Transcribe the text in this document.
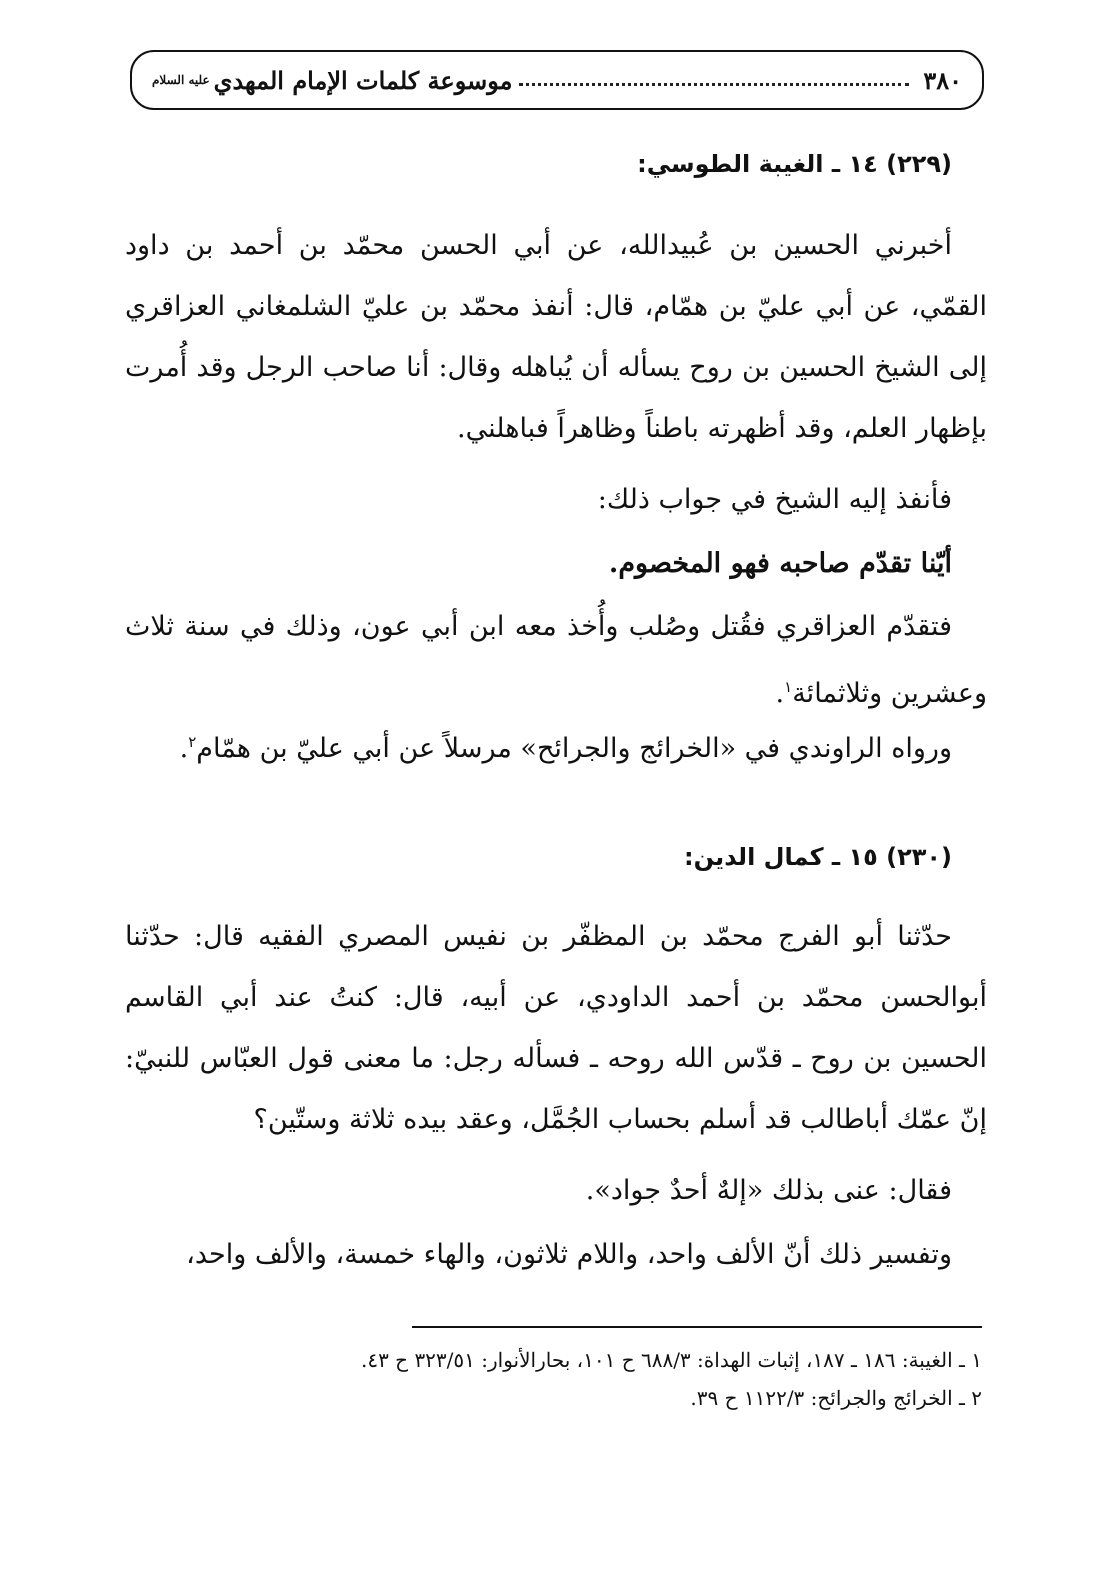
٣٨٠
موسوعة كلمات الإمام المهدي
عليه السلام
(٢٢٩) ١٤ ـ الغيبة الطوسي:
أخبرني الحسين بن عُبيدالله، عن أبي الحسن محمّد بن أحمد بن داود القمّي، عن أبي عليّ بن همّام، قال: أنفذ محمّد بن عليّ الشلمغاني العزاقري إلى الشيخ الحسين بن روح يسأله أن يُباهله وقال: أنا صاحب الرجل وقد أُمرت بإظهار العلم، وقد أظهرته باطناً وظاهراً فباهلني.
فأنفذ إليه الشيخ في جواب ذلك:
أيّنا تقدّم صاحبه فهو المخصوم.
فتقدّم العزاقري فقُتل وصُلب وأُخذ معه ابن أبي عون، وذلك في سنة ثلاث وعشرين وثلاثمائة$^١$.
ورواه الراوندي في «الخرائج والجرائح» مرسلاً عن أبي عليّ بن همّام$^٢$.
(٢٣٠) ١٥ ـ كمال الدين:
حدّثنا أبو الفرج محمّد بن المظفّر بن نفيس المصري الفقيه قال: حدّثنا أبوالحسن محمّد بن أحمد الداودي، عن أبيه، قال: كنتُ عند أبي القاسم الحسين بن روح ـ قدّس الله روحه ـ فسأله رجل: ما معنى قول العبّاس للنبيّ: إنّ عمّك أباطالب قد أسلم بحساب الجُمَّل، وعقد بيده ثلاثة وستّين؟
فقال: عنى بذلك «إلهٌ أحدٌ جواد».
وتفسير ذلك أنّ الألف واحد، واللام ثلاثون، والهاء خمسة، والألف واحد،
١ ـ الغيبة: ١٨٦ ـ ١٨٧، إثبات الهداة: ٦٨٨/٣ ح ١٠١، بحارالأنوار: ٣٢٣/٥١ ح ٤٣.
٢ ـ الخرائج والجرائح: ١١٢٢/٣ ح ٣٩.
